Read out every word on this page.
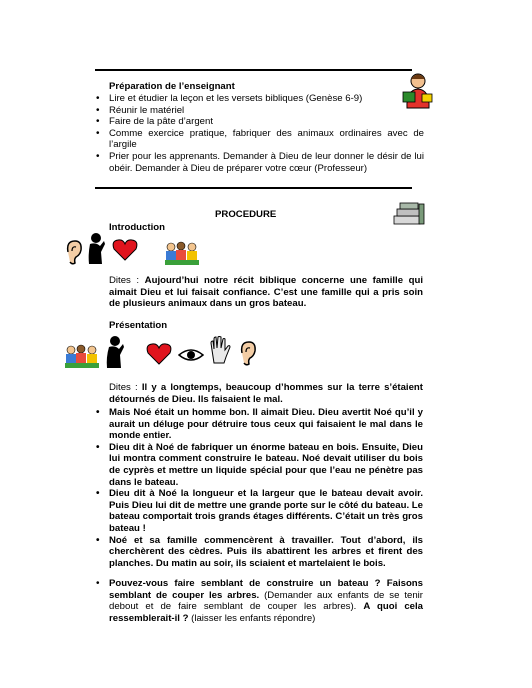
Préparation de l’enseignant
• Lire et étudier la leçon et les versets bibliques (Genèse 6-9)
• Réunir le matériel
• Faire de la pâte d’argent
• Comme exercice pratique, fabriquer des animaux ordinaires avec de l’argile
• Prier pour les apprenants. Demander à Dieu de leur donner le désir de lui obéir. Demander à Dieu de préparer votre cœur (Professeur)
PROCEDURE
Introduction
Dites : Aujourd’hui notre récit biblique concerne une famille qui aimait Dieu et lui faisait confiance. C’est une famille qui a pris soin de plusieurs animaux dans un gros bateau.
Présentation
Dites : Il y a longtemps, beaucoup d’hommes sur la terre s’étaient détournés de Dieu. Ils faisaient le mal.
• Mais Noé était un homme bon. Il aimait Dieu. Dieu avertit Noé qu’il y aurait un déluge pour détruire tous ceux qui faisaient le mal dans le monde entier.
• Dieu dit à Noé de fabriquer un énorme bateau en bois. Ensuite, Dieu lui montra comment construire le bateau. Noé devait utiliser du bois de cyprès et mettre un liquide spécial pour que l’eau ne pénètre pas dans le bateau.
• Dieu dit à Noé la longueur et la largeur que le bateau devait avoir. Puis Dieu lui dit de mettre une grande porte sur le côté du bateau. Le bateau comportait trois grands étages différents. C’était un très gros bateau !
• Noé et sa famille commencèrent à travailler. Tout d’abord, ils cherchèrent des cèdres. Puis ils abattirent les arbres et firent des planches. Du matin au soir, ils sciaient et martelaient le bois.
• Pouvez-vous faire semblant de construire un bateau ? Faisons semblant de couper les arbres. (Demander aux enfants de se tenir debout et de faire semblant de couper les arbres). A quoi cela ressemblerait-il ? (laisser les enfants répondre)
